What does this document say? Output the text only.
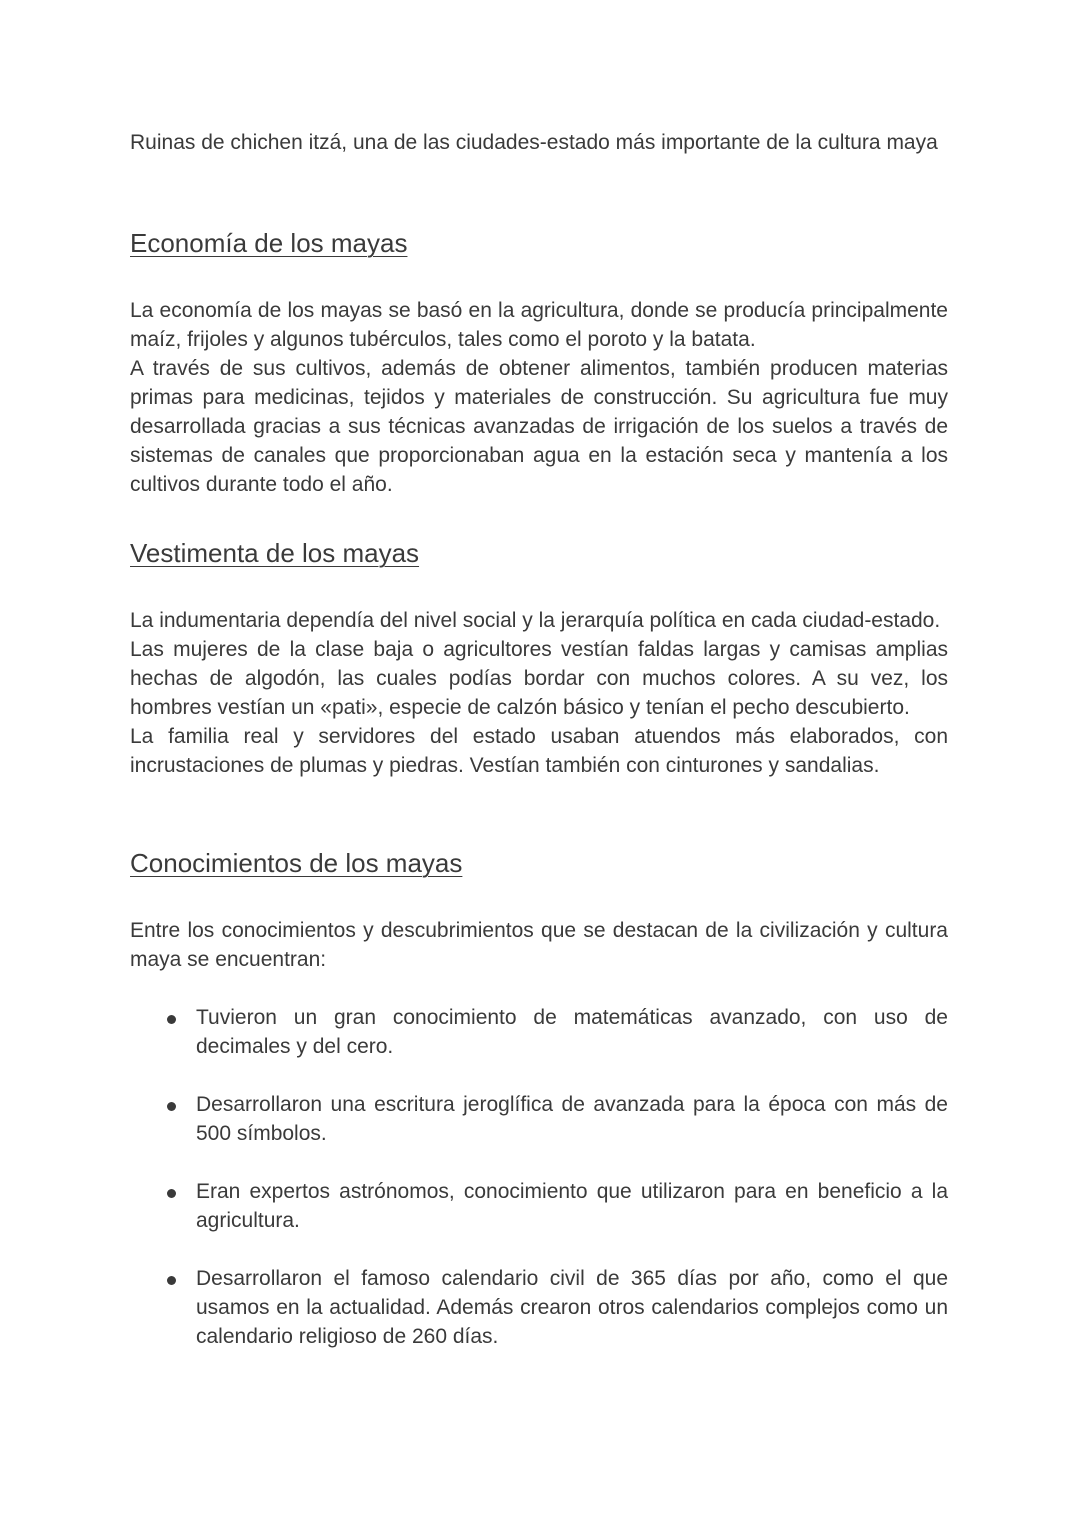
Ruinas de chichen itzá, una de las ciudades-estado más importante de la cultura maya

Economía de los mayas

La economía de los mayas se basó en la agricultura, donde se producía principalmente maíz, frijoles y algunos tubérculos, tales como el poroto y la batata.

A través de sus cultivos, además de obtener alimentos, también producen materias primas para medicinas, tejidos y materiales de construcción. Su agricultura fue muy desarrollada gracias a sus técnicas avanzadas de irrigación de los suelos a través de sistemas de canales que proporcionaban agua en la estación seca y mantenía a los cultivos durante todo el año.

Vestimenta de los mayas

La indumentaria dependía del nivel social y la jerarquía política en cada ciudad-estado.

Las mujeres de la clase baja o agricultores vestían faldas largas y camisas amplias hechas de algodón, las cuales podías bordar con muchos colores. A su vez, los hombres vestían un «pati», especie de calzón básico y tenían el pecho descubierto.

La familia real y servidores del estado usaban atuendos más elaborados, con incrustaciones de plumas y piedras. Vestían también con cinturones y sandalias.

Conocimientos de los mayas

Entre los conocimientos y descubrimientos que se destacan de la civilización y cultura maya se encuentran:

Tuvieron un gran conocimiento de matemáticas avanzado, con uso de decimales y del cero.
Desarrollaron una escritura jeroglífica de avanzada para la época con más de 500 símbolos.
Eran expertos astrónomos, conocimiento que utilizaron para en beneficio a la agricultura.
Desarrollaron el famoso calendario civil de 365 días por año, como el que usamos en la actualidad. Además crearon otros calendarios complejos como un calendario religioso de 260 días.
